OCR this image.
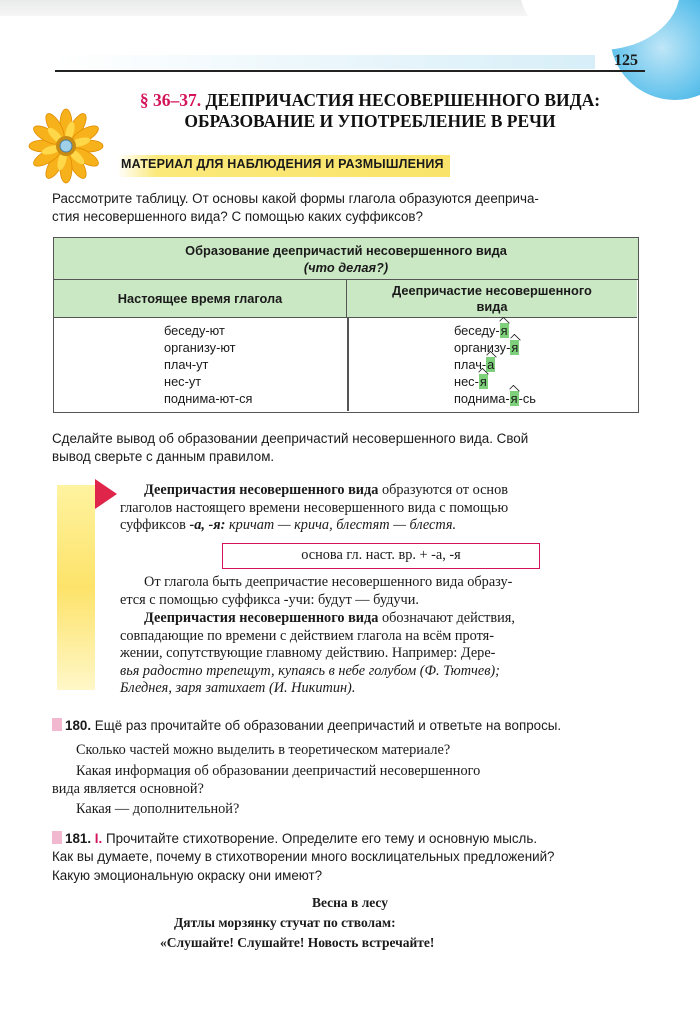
125
§ 36–37. ДЕЕПРИЧАСТИЯ НЕСОВЕРШЕННОГО ВИДА:
ОБРАЗОВАНИЕ И УПОТРЕБЛЕНИЕ В РЕЧИ
МАТЕРИАЛ ДЛЯ НАБЛЮДЕНИЯ И РАЗМЫШЛЕНИЯ
Рассмотрите таблицу. От основы какой формы глагола образуются дееприча-
стия несовершенного вида? С помощью каких суффиксов?
Образование деепричастий несовершенного вида
(что делая?)
Настоящее время глагола
Деепричастие несовершенного
вида
беседу-ют
организу-ют
плач-ут
нес-ут
поднима-ют-ся
беседу-я
организу-я
плач-а
нес-я
поднима-я-сь
Сделайте вывод об образовании деепричастий несовершенного вида. Свой
вывод сверьте с данным правилом.
Деепричастия несовершенного вида образуются от основ
глаголов настоящего времени несовершенного вида с помощью
суффиксов -а, -я: кричат — крича, блестят — блестя.
основа гл. наст. вр. + -а, -я
От глагола быть деепричастие несовершенного вида образу-
ется с помощью суффикса -учи: будут — будучи.
Деепричастия несовершенного вида обозначают действия,
совпадающие по времени с действием глагола на всём протя-
жении, сопутствующие главному действию. Например: Дере-
вья радостно трепещут, купаясь в небе голубом (Ф. Тютчев);
Бледнея, заря затихает (И. Никитин).
180. Ещё раз прочитайте об образовании деепричастий и ответьте на вопросы.
Сколько частей можно выделить в теоретическом материале?
Какая информация об образовании деепричастий несовершенного
вида является основной?
Какая — дополнительной?
181. I. Прочитайте стихотворение. Определите его тему и основную мысль.
Как вы думаете, почему в стихотворении много восклицательных предложений?
Какую эмоциональную окраску они имеют?
Весна в лесу
Дятлы морзянку стучат по стволам:
«Слушайте! Слушайте! Новость встречайте!
